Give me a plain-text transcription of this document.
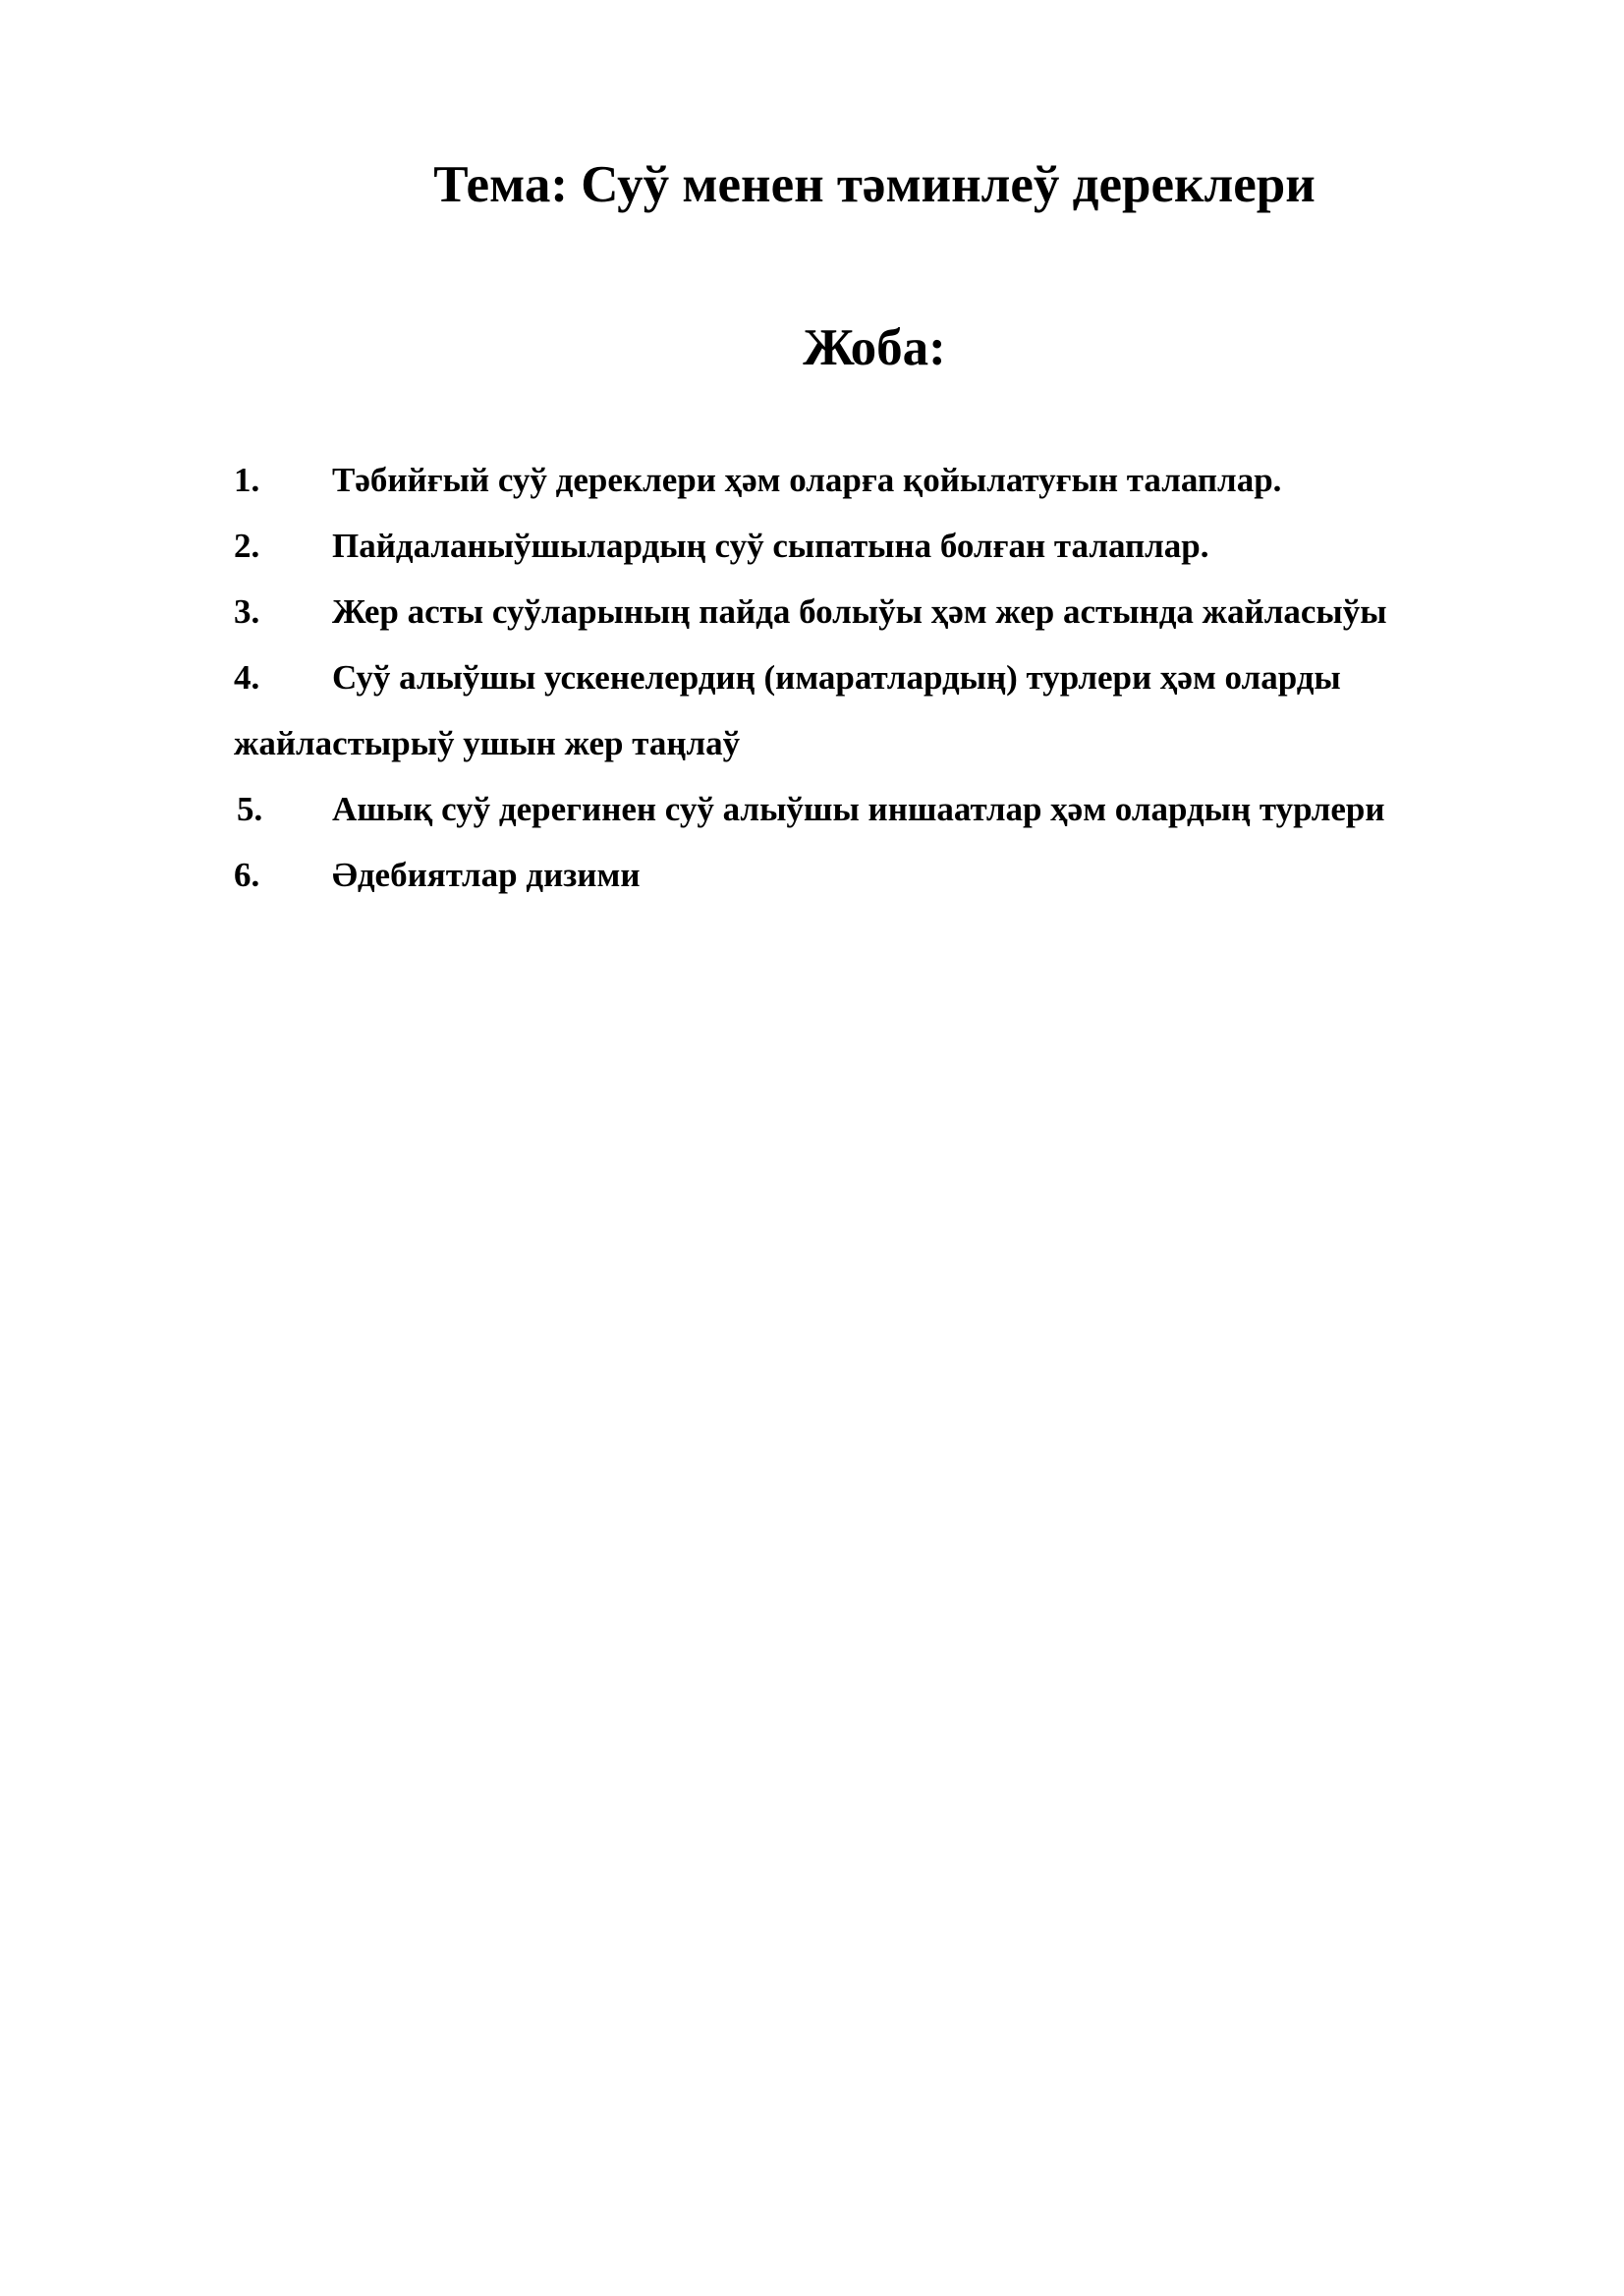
Тема: Суў менен тәминлеў дереклери
Жоба:
1. Тәбийғый суў дереклери ҳәм оларға қойылатуғын талаплар.
2. Пайдаланыўшылардың суў сыпатына болған талаплар.
3. Жер асты суўларының пайда болыўы ҳәм жер астында жайласыўы
4. Суў алыўшы ускенелердиң (имаратлардың) турлери ҳәм оларды
жайластырыў ушын жер таңлаў
5. Ашық суў дерегинен суў алыўшы иншаатлар ҳәм олардың турлери
6. Әдебиятлар дизими
